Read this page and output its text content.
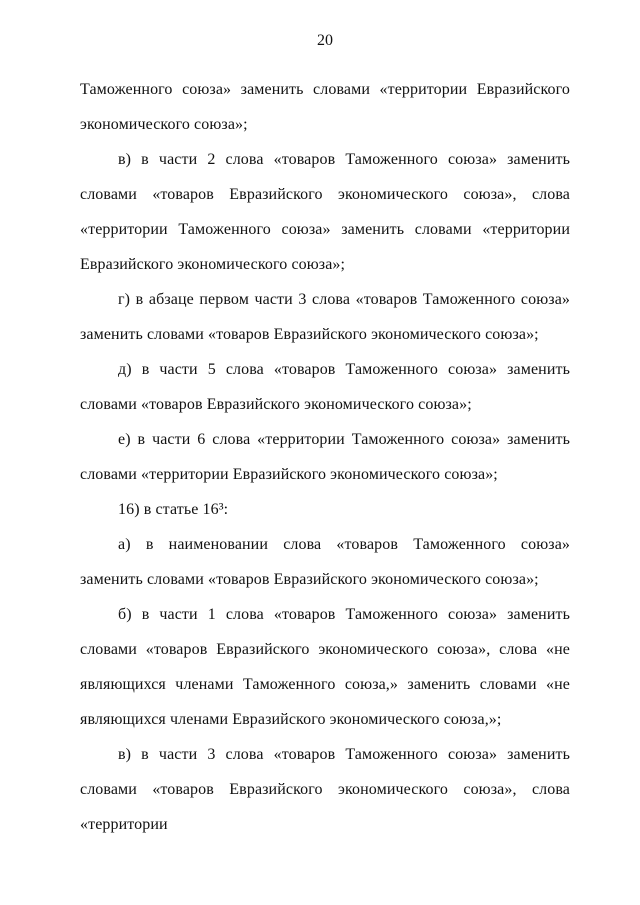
20

Таможенного союза» заменить словами «территории Евразийского экономического союза»;

в) в части 2 слова «товаров Таможенного союза» заменить словами «товаров Евразийского экономического союза», слова «территории Таможенного союза» заменить словами «территории Евразийского экономического союза»;

г) в абзаце первом части 3 слова «товаров Таможенного союза» заменить словами «товаров Евразийского экономического союза»;

д) в части 5 слова «товаров Таможенного союза» заменить словами «товаров Евразийского экономического союза»;

е) в части 6 слова «территории Таможенного союза» заменить словами «территории Евразийского экономического союза»;

16) в статье 16³:

а) в наименовании слова «товаров Таможенного союза» заменить словами «товаров Евразийского экономического союза»;

б) в части 1 слова «товаров Таможенного союза» заменить словами «товаров Евразийского экономического союза», слова «не являющихся членами Таможенного союза,» заменить словами «не являющихся членами Евразийского экономического союза,»;

в) в части 3 слова «товаров Таможенного союза» заменить словами «товаров Евразийского экономического союза», слова «территории
